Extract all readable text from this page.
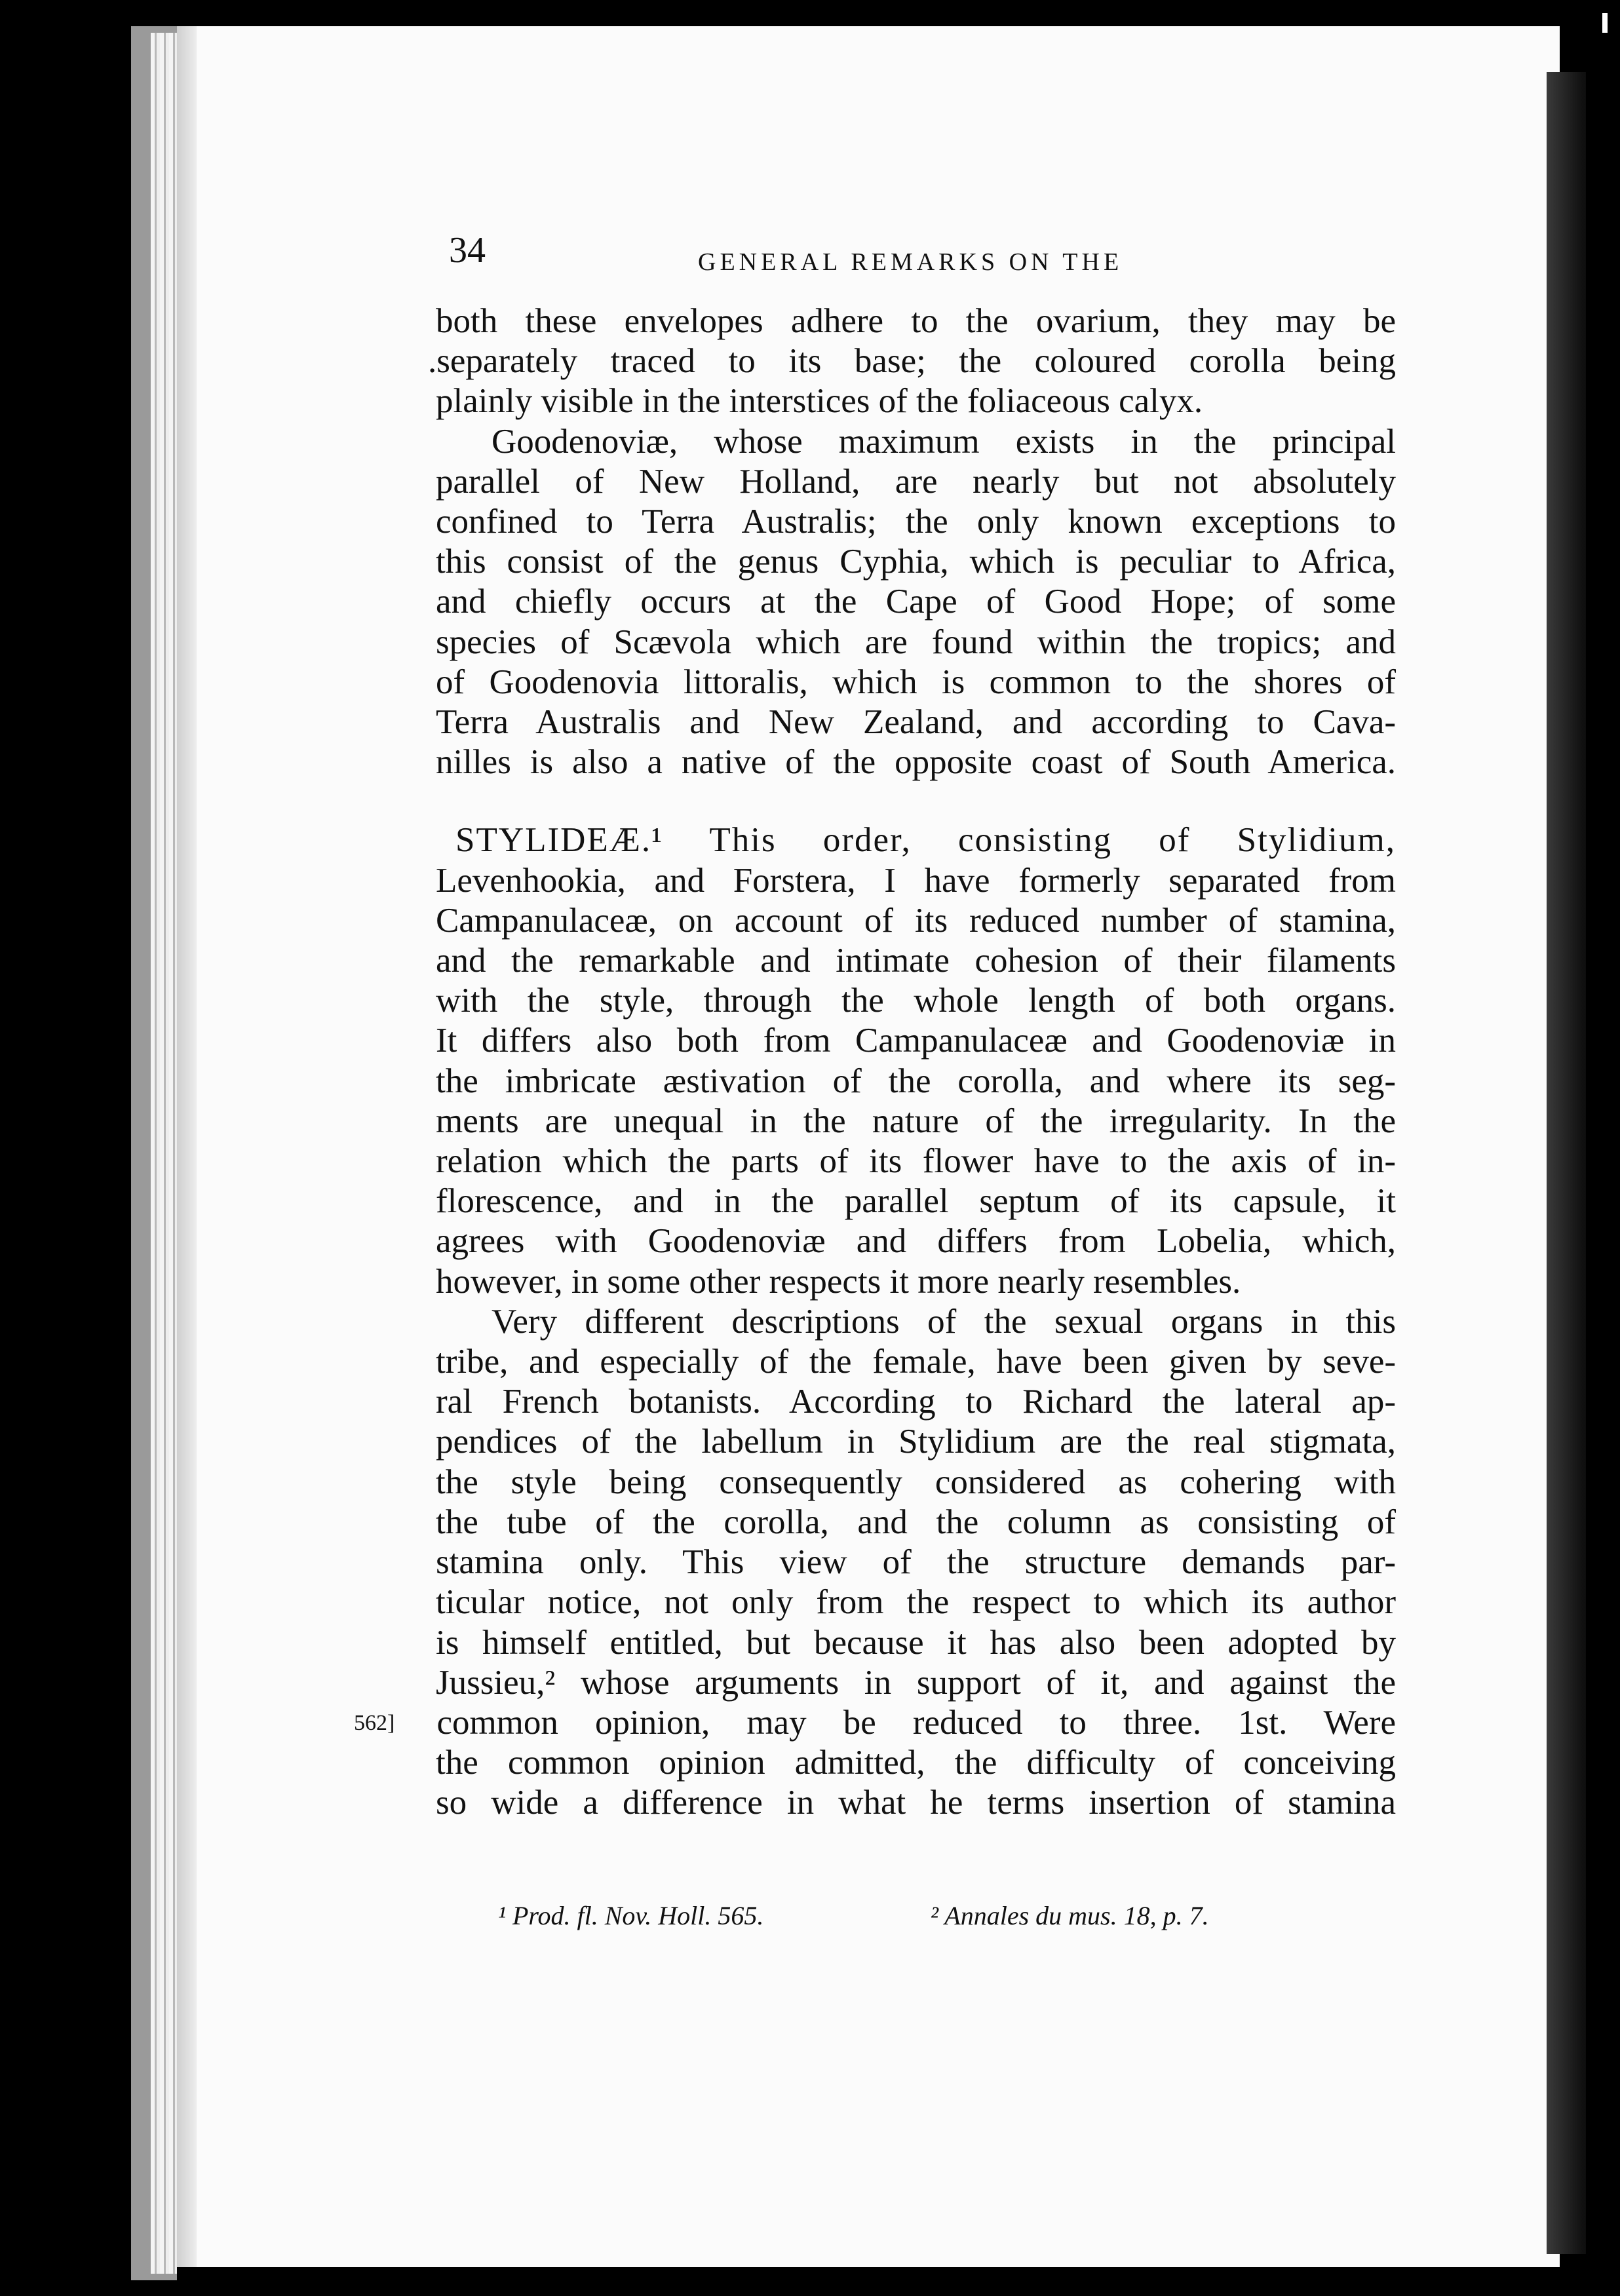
34	GENERAL REMARKS ON THE
both these envelopes adhere to the ovarium, they may be
.separately traced to its base; the coloured corolla being
plainly visible in the interstices of the foliaceous calyx.
Goodenoviæ, whose maximum exists in the principal
parallel of New Holland, are nearly but not absolutely
confined to Terra Australis; the only known exceptions to
this consist of the genus Cyphia, which is peculiar to Africa,
and chiefly occurs at the Cape of Good Hope; of some
species of Scævola which are found within the tropics; and
of Goodenovia littoralis, which is common to the shores of
Terra Australis and New Zealand, and according to Cava-
nilles is also a native of the opposite coast of South America.
STYLIDEÆ.¹ This order, consisting of Stylidium,
Levenhookia, and Forstera, I have formerly separated from
Campanulaceæ, on account of its reduced number of stamina,
and the remarkable and intimate cohesion of their filaments
with the style, through the whole length of both organs.
It differs also both from Campanulaceæ and Goodenoviæ in
the imbricate æstivation of the corolla, and where its seg-
ments are unequal in the nature of the irregularity. In the
relation which the parts of its flower have to the axis of in-
florescence, and in the parallel septum of its capsule, it
agrees with Goodenoviæ and differs from Lobelia, which,
however, in some other respects it more nearly resembles.
Very different descriptions of the sexual organs in this
tribe, and especially of the female, have been given by seve-
ral French botanists. According to Richard the lateral ap-
pendices of the labellum in Stylidium are the real stigmata,
the style being consequently considered as cohering with
the tube of the corolla, and the column as consisting of
stamina only. This view of the structure demands par-
ticular notice, not only from the respect to which its author
is himself entitled, but because it has also been adopted by
Jussieu,² whose arguments in support of it, and against the
562] common opinion, may be reduced to three. 1st. Were
the common opinion admitted, the difficulty of conceiving
so wide a difference in what he terms insertion of stamina
¹ Prod. fl. Nov. Holl. 565.	² Annales du mus. 18, p. 7.
